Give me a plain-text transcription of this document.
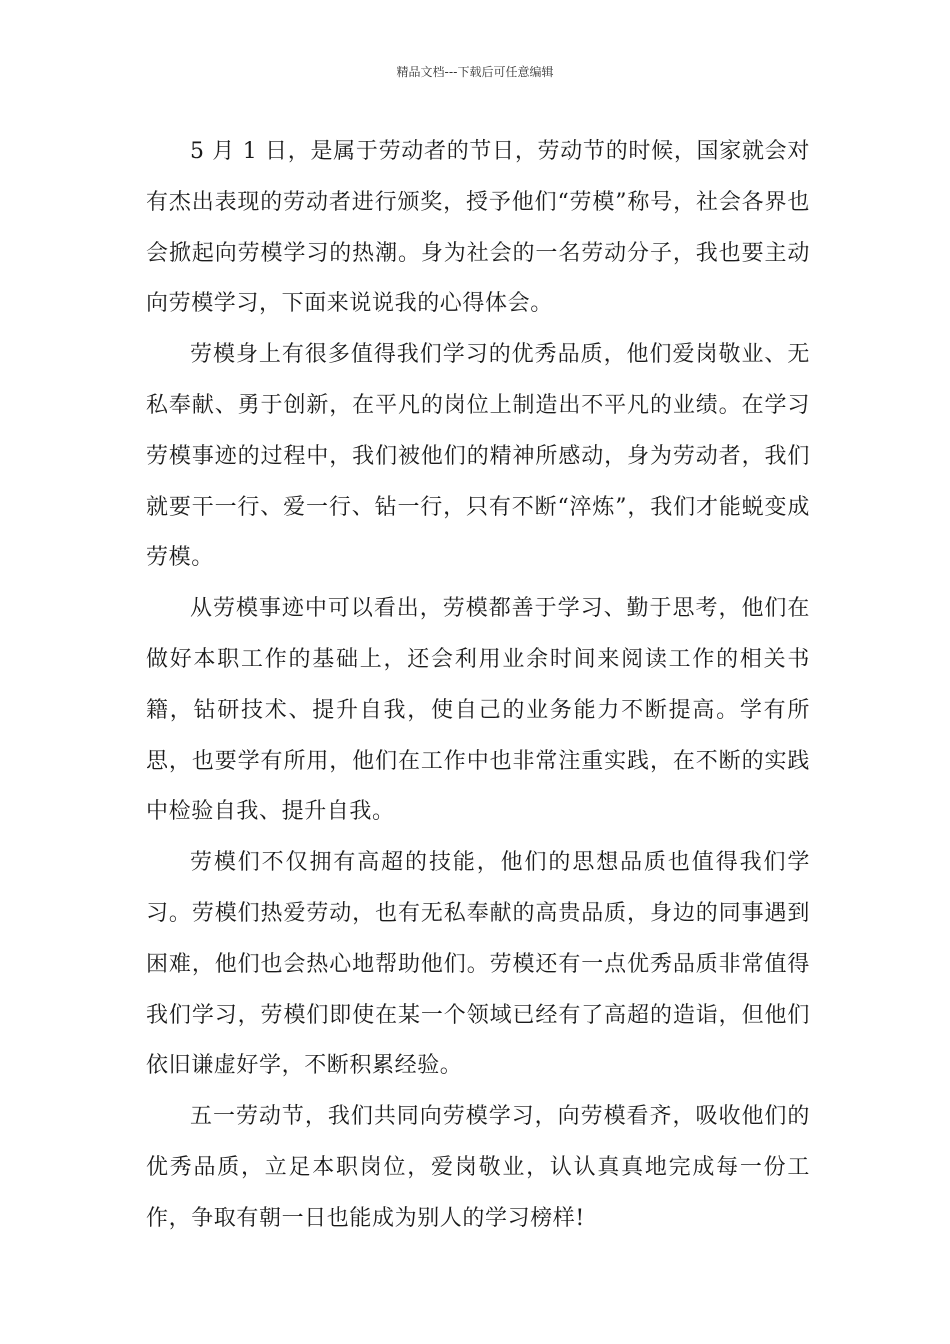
精品文档---下载后可任意编辑

5 月 1 日，是属于劳动者的节日，劳动节的时候，国家就会对有杰出表现的劳动者进行颁奖，授予他们“劳模”称号，社会各界也会掀起向劳模学习的热潮。身为社会的一名劳动分子，我也要主动向劳模学习，下面来说说我的心得体会。

劳模身上有很多值得我们学习的优秀品质，他们爱岗敬业、无私奉献、勇于创新，在平凡的岗位上制造出不平凡的业绩。在学习劳模事迹的过程中，我们被他们的精神所感动，身为劳动者，我们就要干一行、爱一行、钻一行，只有不断“淬炼”，我们才能蜕变成劳模。

从劳模事迹中可以看出，劳模都善于学习、勤于思考，他们在做好本职工作的基础上，还会利用业余时间来阅读工作的相关书籍，钻研技术、提升自我，使自己的业务能力不断提高。学有所思，也要学有所用，他们在工作中也非常注重实践，在不断的实践中检验自我、提升自我。

劳模们不仅拥有高超的技能，他们的思想品质也值得我们学习。劳模们热爱劳动，也有无私奉献的高贵品质，身边的同事遇到困难，他们也会热心地帮助他们。劳模还有一点优秀品质非常值得我们学习，劳模们即使在某一个领域已经有了高超的造诣，但他们依旧谦虚好学，不断积累经验。

五一劳动节，我们共同向劳模学习，向劳模看齐，吸收他们的优秀品质，立足本职岗位，爱岗敬业，认认真真地完成每一份工作，争取有朝一日也能成为别人的学习榜样!
